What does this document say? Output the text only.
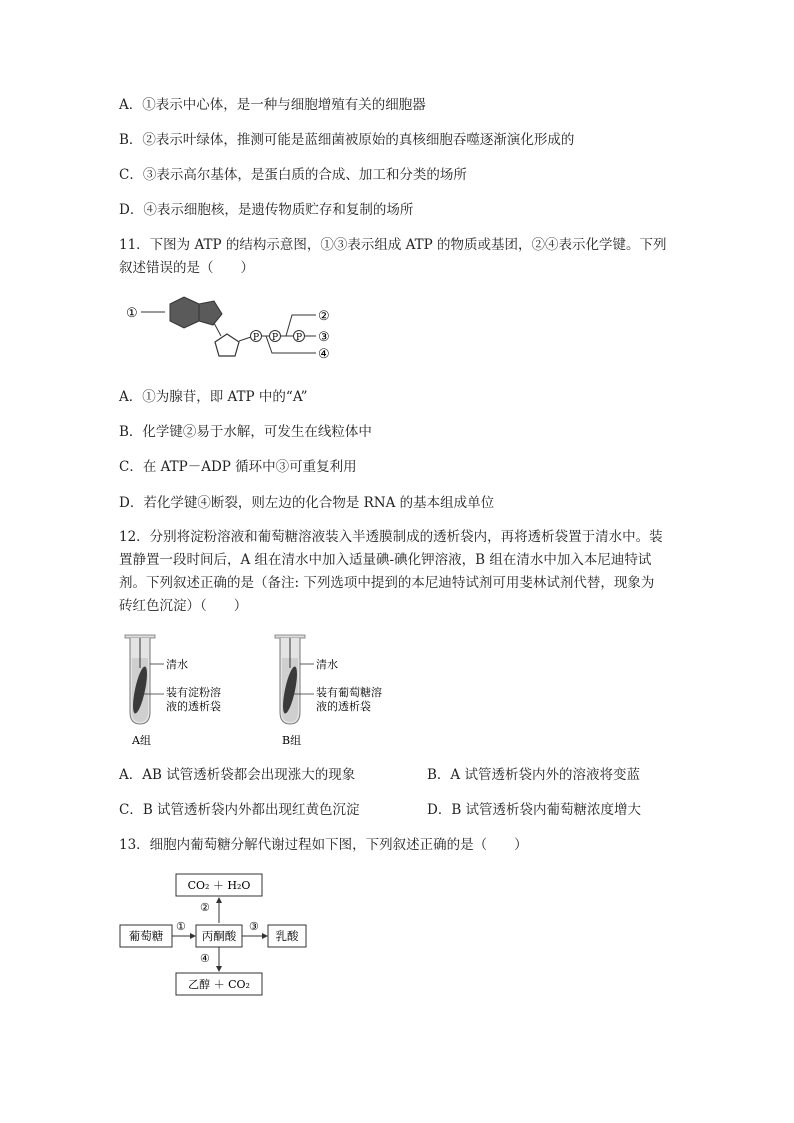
A．①表示中心体，是一种与细胞增殖有关的细胞器
B．②表示叶绿体，推测可能是蓝细菌被原始的真核细胞吞噬逐渐演化形成的
C．③表示高尔基体，是蛋白质的合成、加工和分类的场所
D．④表示细胞核，是遗传物质贮存和复制的场所
11．下图为 ATP 的结构示意图，①③表示组成 ATP 的物质或基团，②④表示化学键。下列
叙述错误的是（　　）
①
P P P
②
③
④
A．①为腺苷，即 ATP 中的“A”
B．化学键②易于水解，可发生在线粒体中
C．在 ATP－ADP 循环中③可重复利用
D．若化学键④断裂，则左边的化合物是 RNA 的基本组成单位
12．分别将淀粉溶液和葡萄糖溶液装入半透膜制成的透析袋内，再将透析袋置于清水中。装
置静置一段时间后，A 组在清水中加入适量碘-碘化钾溶液，B 组在清水中加入本尼迪特试
剂。下列叙述正确的是（备注: 下列选项中提到的本尼迪特试剂可用斐林试剂代替，现象为
砖红色沉淀）（　　）
清水
装有淀粉溶
液的透析袋
A组
清水
装有葡萄糖溶
液的透析袋
B组
A．AB 试管透析袋都会出现涨大的现象	B．A 试管透析袋内外的溶液将变蓝
C．B 试管透析袋内外都出现红黄色沉淀	D．B 试管透析袋内葡萄糖浓度增大
13．细胞内葡萄糖分解代谢过程如下图，下列叙述正确的是（　　）
CO₂ ＋ H₂O
②
葡萄糖
①
丙酮酸
③
乳酸
④
乙醇 ＋ CO₂
